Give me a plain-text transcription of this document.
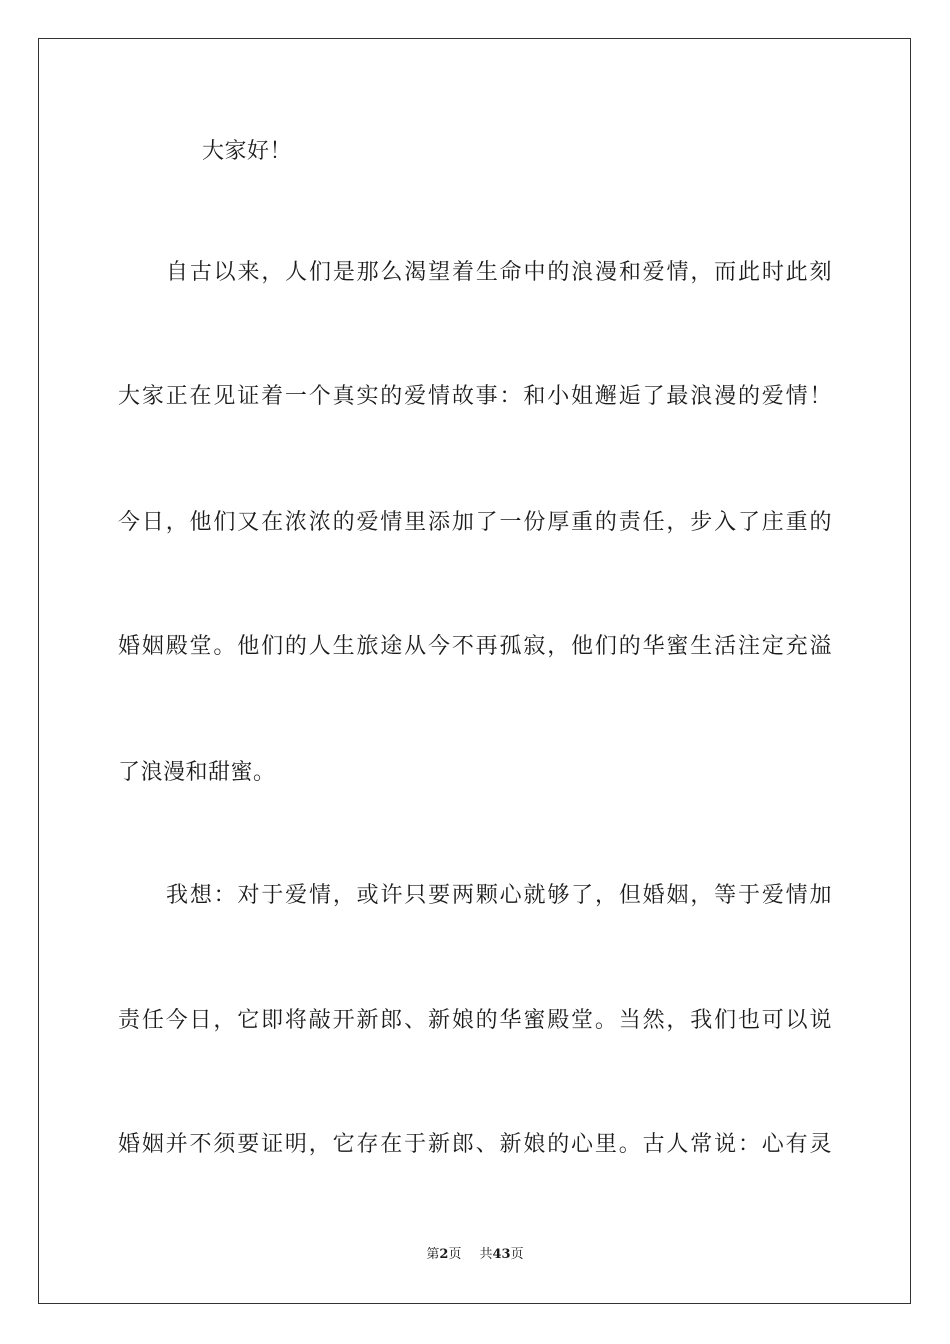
大家好！
自古以来，人们是那么渴望着生命中的浪漫和爱情，而此时此刻
大家正在见证着一个真实的爱情故事：和小姐邂逅了最浪漫的爱情！
今日，他们又在浓浓的爱情里添加了一份厚重的责任，步入了庄重的
婚姻殿堂。他们的人生旅途从今不再孤寂，他们的华蜜生活注定充溢
了浪漫和甜蜜。
我想：对于爱情，或许只要两颗心就够了，但婚姻，等于爱情加
责任今日，它即将敲开新郎、新娘的华蜜殿堂。当然，我们也可以说
婚姻并不须要证明，它存在于新郎、新娘的心里。古人常说：心有灵
第2页 共43页
